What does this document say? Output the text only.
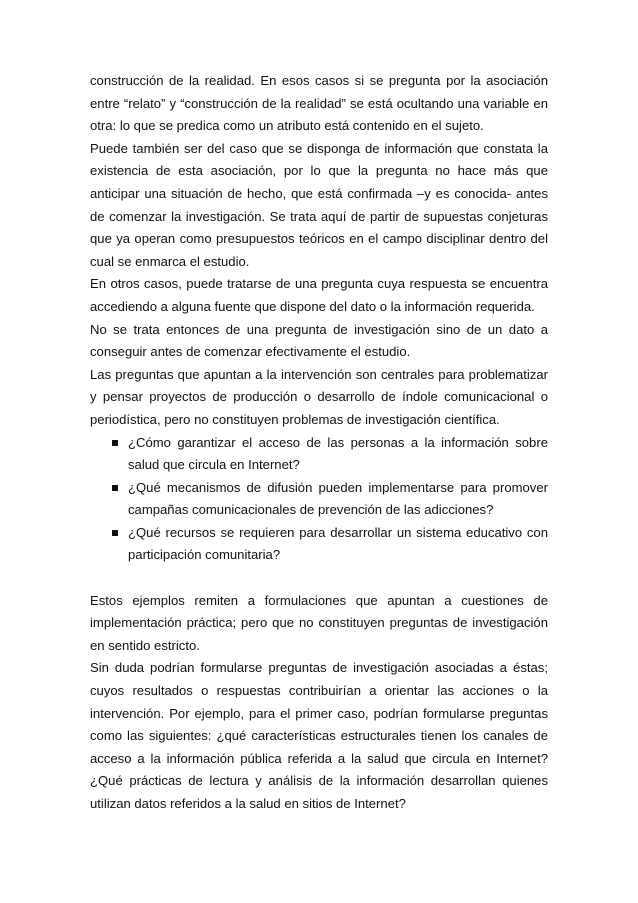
construcción de la realidad. En esos casos si se pregunta por la asociación entre “relato” y “construcción de la realidad” se está ocultando una variable en otra: lo que se predica como un atributo está contenido en el sujeto.

Puede también ser del caso que se disponga de información que constata la existencia de esta asociación, por lo que la pregunta no hace más que anticipar una situación de hecho, que está confirmada –y es conocida- antes de comenzar la investigación. Se trata aquí de partir de supuestas conjeturas que ya operan como presupuestos teóricos en el campo disciplinar dentro del cual se enmarca el estudio.

En otros casos, puede tratarse de una pregunta cuya respuesta se encuentra accediendo a alguna fuente que dispone del dato o la información requerida.

No se trata entonces de una pregunta de investigación sino de un dato a conseguir antes de comenzar efectivamente el estudio.

Las preguntas que apuntan a la intervención son centrales para problematizar y pensar proyectos de producción o desarrollo de índole comunicacional o periodística, pero no constituyen problemas de investigación científica.

¿Cómo garantizar el acceso de las personas a la información sobre salud que circula en Internet?
¿Qué mecanismos de difusión pueden implementarse para promover campañas comunicacionales de prevención de las adicciones?
¿Qué recursos se requieren para desarrollar un sistema educativo con participación comunitaria?

Estos ejemplos remiten a formulaciones que apuntan a cuestiones de implementación práctica; pero que no constituyen preguntas de investigación en sentido estricto.

Sin duda podrían formularse preguntas de investigación asociadas a éstas; cuyos resultados o respuestas contribuirían a orientar las acciones o la intervención. Por ejemplo, para el primer caso, podrían formularse preguntas como las siguientes: ¿qué características estructurales tienen los canales de acceso a la información pública referida a la salud que circula en Internet? ¿Qué prácticas de lectura y análisis de la información desarrollan quienes utilizan datos referidos a la salud en sitios de Internet?
